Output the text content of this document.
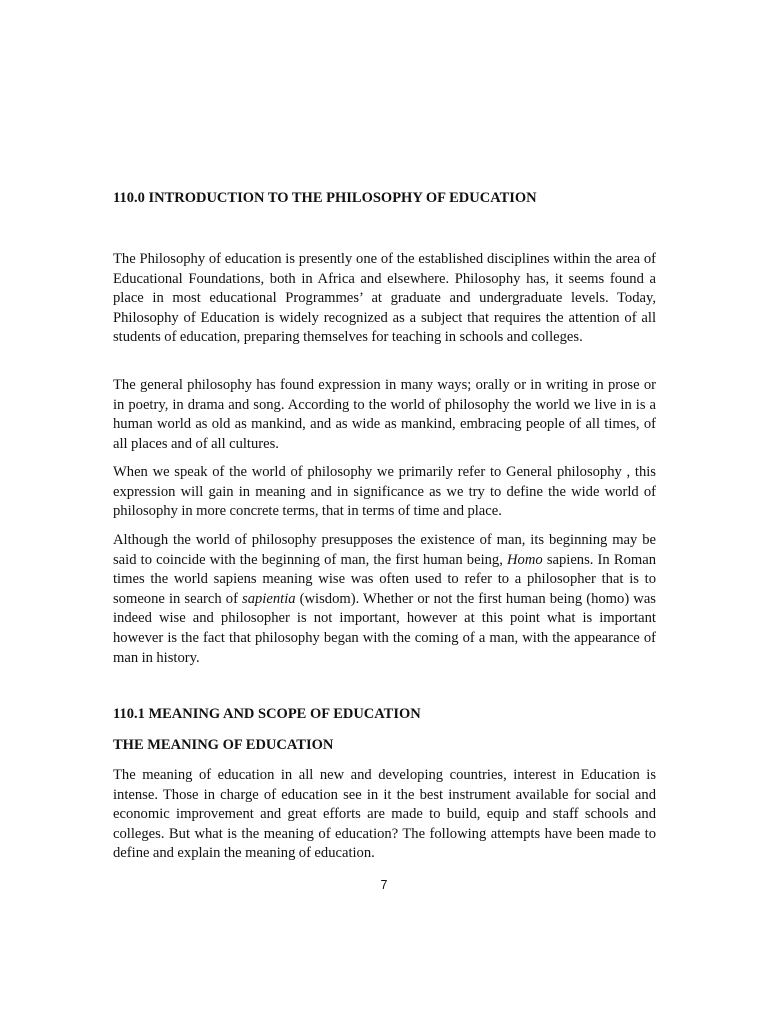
110.0 INTRODUCTION TO THE PHILOSOPHY OF EDUCATION

The Philosophy of education is presently one of the established disciplines within the area of Educational Foundations, both in Africa and elsewhere. Philosophy has, it seems found a place in most educational Programmes’ at graduate and undergraduate levels. Today, Philosophy of Education is widely recognized as a subject that requires the attention of all students of education, preparing themselves for teaching in schools and colleges.

The general philosophy has found expression in many ways; orally or in writing in prose or in poetry, in drama and song. According to the world of philosophy the world we live in is a human world as old as mankind, and as wide as mankind, embracing people of all times, of all places and of all cultures.

When we speak of the world of philosophy we primarily refer to General philosophy , this expression will gain in meaning and in significance as we try to define the wide world of philosophy in more concrete terms, that in terms of time and place.

Although the world of philosophy presupposes the existence of man, its beginning may be said to coincide with the beginning of man, the first human being, Homo sapiens. In Roman times the world sapiens meaning wise was often used to refer to a philosopher that is to someone in search of sapientia (wisdom). Whether or not the first human being (homo) was indeed wise and philosopher is not important, however at this point what is important however is the fact that philosophy began with the coming of a man, with the appearance of man in history.

110.1 MEANING AND SCOPE OF EDUCATION
THE MEANING OF EDUCATION

The meaning of education in all new and developing countries, interest in Education is intense. Those in charge of education see in it the best instrument available for social and economic improvement and great efforts are made to build, equip and staff schools and colleges. But what is the meaning of education? The following attempts have been made to define and explain the meaning of education.

7
